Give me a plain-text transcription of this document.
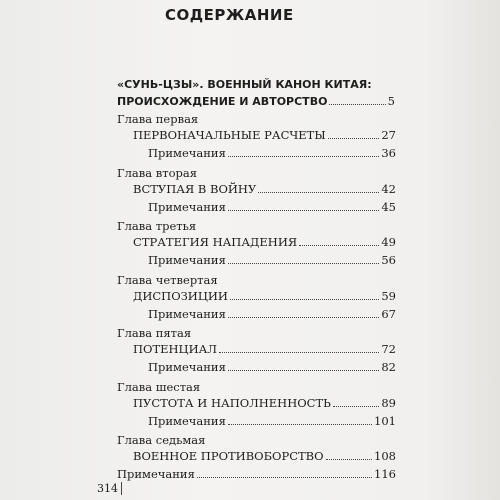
СОДЕРЖАНИЕ
«СУНЬ-ЦЗЫ». ВОЕННЫЙ КАНОН КИТАЯ:
ПРОИСХОЖДЕНИЕ И АВТОРСТВО	5
Глава первая
ПЕРВОНАЧАЛЬНЫЕ РАСЧЕТЫ	27
Примечания	36
Глава вторая
ВСТУПАЯ В ВОЙНУ	42
Примечания	45
Глава третья
СТРАТЕГИЯ НАПАДЕНИЯ	49
Примечания	56
Глава четвертая
ДИСПОЗИЦИИ	59
Примечания	67
Глава пятая
ПОТЕНЦИАЛ	72
Примечания	82
Глава шестая
ПУСТОТА И НАПОЛНЕННОСТЬ	89
Примечания	101
Глава седьмая
ВОЕННОЕ ПРОТИВОБОРСТВО	108
Примечания	116
314
